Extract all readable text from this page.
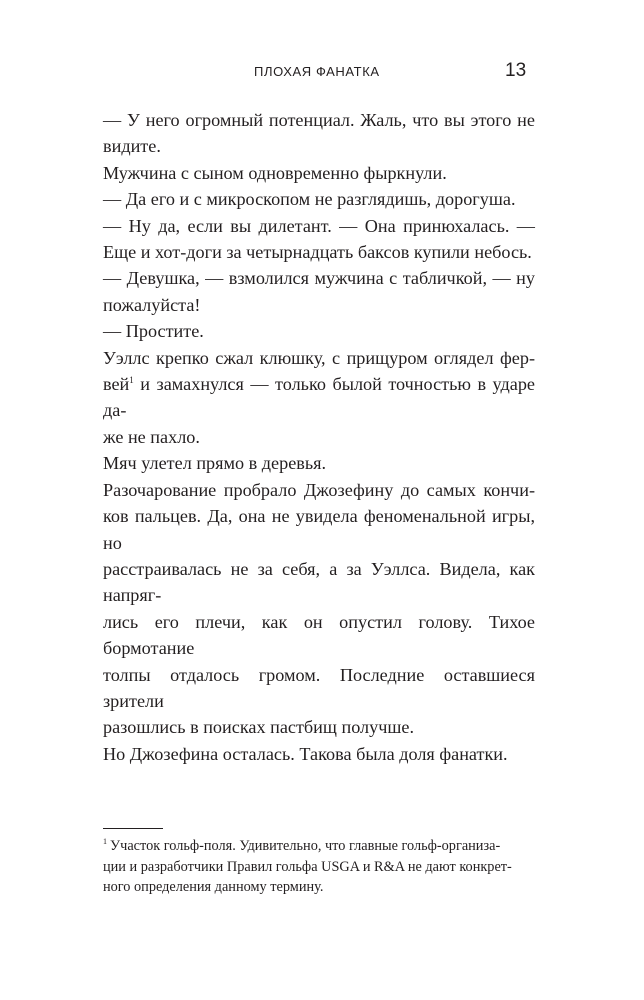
ПЛОХАЯ ФАНАТКА	13

— У него огромный потенциал. Жаль, что вы этого не

видите.

Мужчина с сыном одновременно фыркнули.

— Да его и с микроскопом не разглядишь, дорогуша.

— Ну да, если вы дилетант. — Она принюхалась. —

Еще и хот-доги за четырнадцать баксов купили небось.

— Девушка, — взмолился мужчина с табличкой, — ну

пожалуйста!

— Простите.

Уэллс крепко сжал клюшку, с прищуром оглядел фер-

вей$^1$ и замахнулся — только былой точностью в ударе да-

же не пахло.

Мяч улетел прямо в деревья.

Разочарование пробрало Джозефину до самых кончи-

ков пальцев. Да, она не увидела феноменальной игры, но

расстраивалась не за себя, а за Уэллса. Видела, как напряг-

лись его плечи, как он опустил голову. Тихое бормотание

толпы отдалось громом. Последние оставшиеся зрители

разошлись в поисках пастбищ получше.

Но Джозефина осталась. Такова была доля фанатки.

$^1$ Участок гольф-поля. Удивительно, что главные гольф-организа-

ции и разработчики Правил гольфа USGA и R&A не дают конкрет-

ного определения данному термину.
